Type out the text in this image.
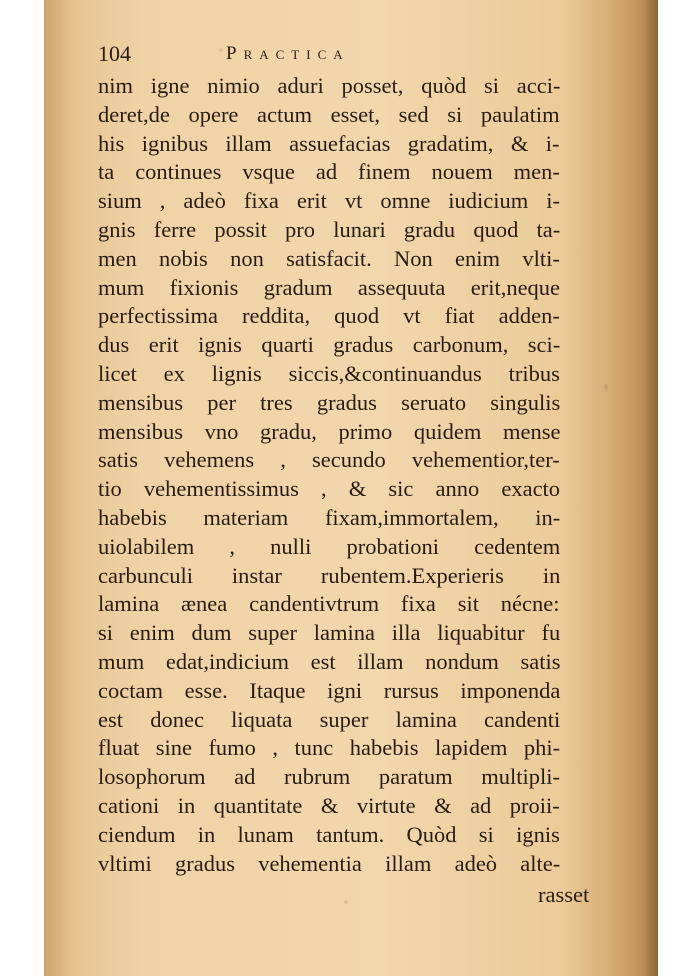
104	Practica
nim igne nimio aduri posset, quòd si acci-
deret,de opere actum esset, sed si paulatim
his ignibus illam assuefacias gradatim, & i-
ta continues vsque ad finem nouem men-
sium , adeò fixa erit vt omne iudicium i-
gnis ferre possit pro lunari gradu quod ta-
men nobis non satisfacit. Non enim vlti-
mum fixionis gradum assequuta erit,neque
perfectissima reddita, quod vt fiat adden-
dus erit ignis quarti gradus carbonum, sci-
licet ex lignis siccis,&continuandus tribus
mensibus per tres gradus seruato singulis
mensibus vno gradu, primo quidem mense
satis vehemens , secundo vehementior,ter-
tio vehementissimus , & sic anno exacto
habebis materiam fixam,immortalem, in-
uiolabilem , nulli probationi cedentem
carbunculi instar rubentem.Experieris in
lamina ænea candentivtrum fixa sit nécne:
si enim dum super lamina illa liquabitur fu
mum edat,indicium est illam nondum satis
coctam esse. Itaque igni rursus imponenda
est donec liquata super lamina candenti
fluat sine fumo , tunc habebis lapidem phi-
losophorum ad rubrum paratum multipli-
cationi in quantitate & virtute & ad proii-
ciendum in lunam tantum. Quòd si ignis
vltimi gradus vehementia illam adeò alte-
rasset
